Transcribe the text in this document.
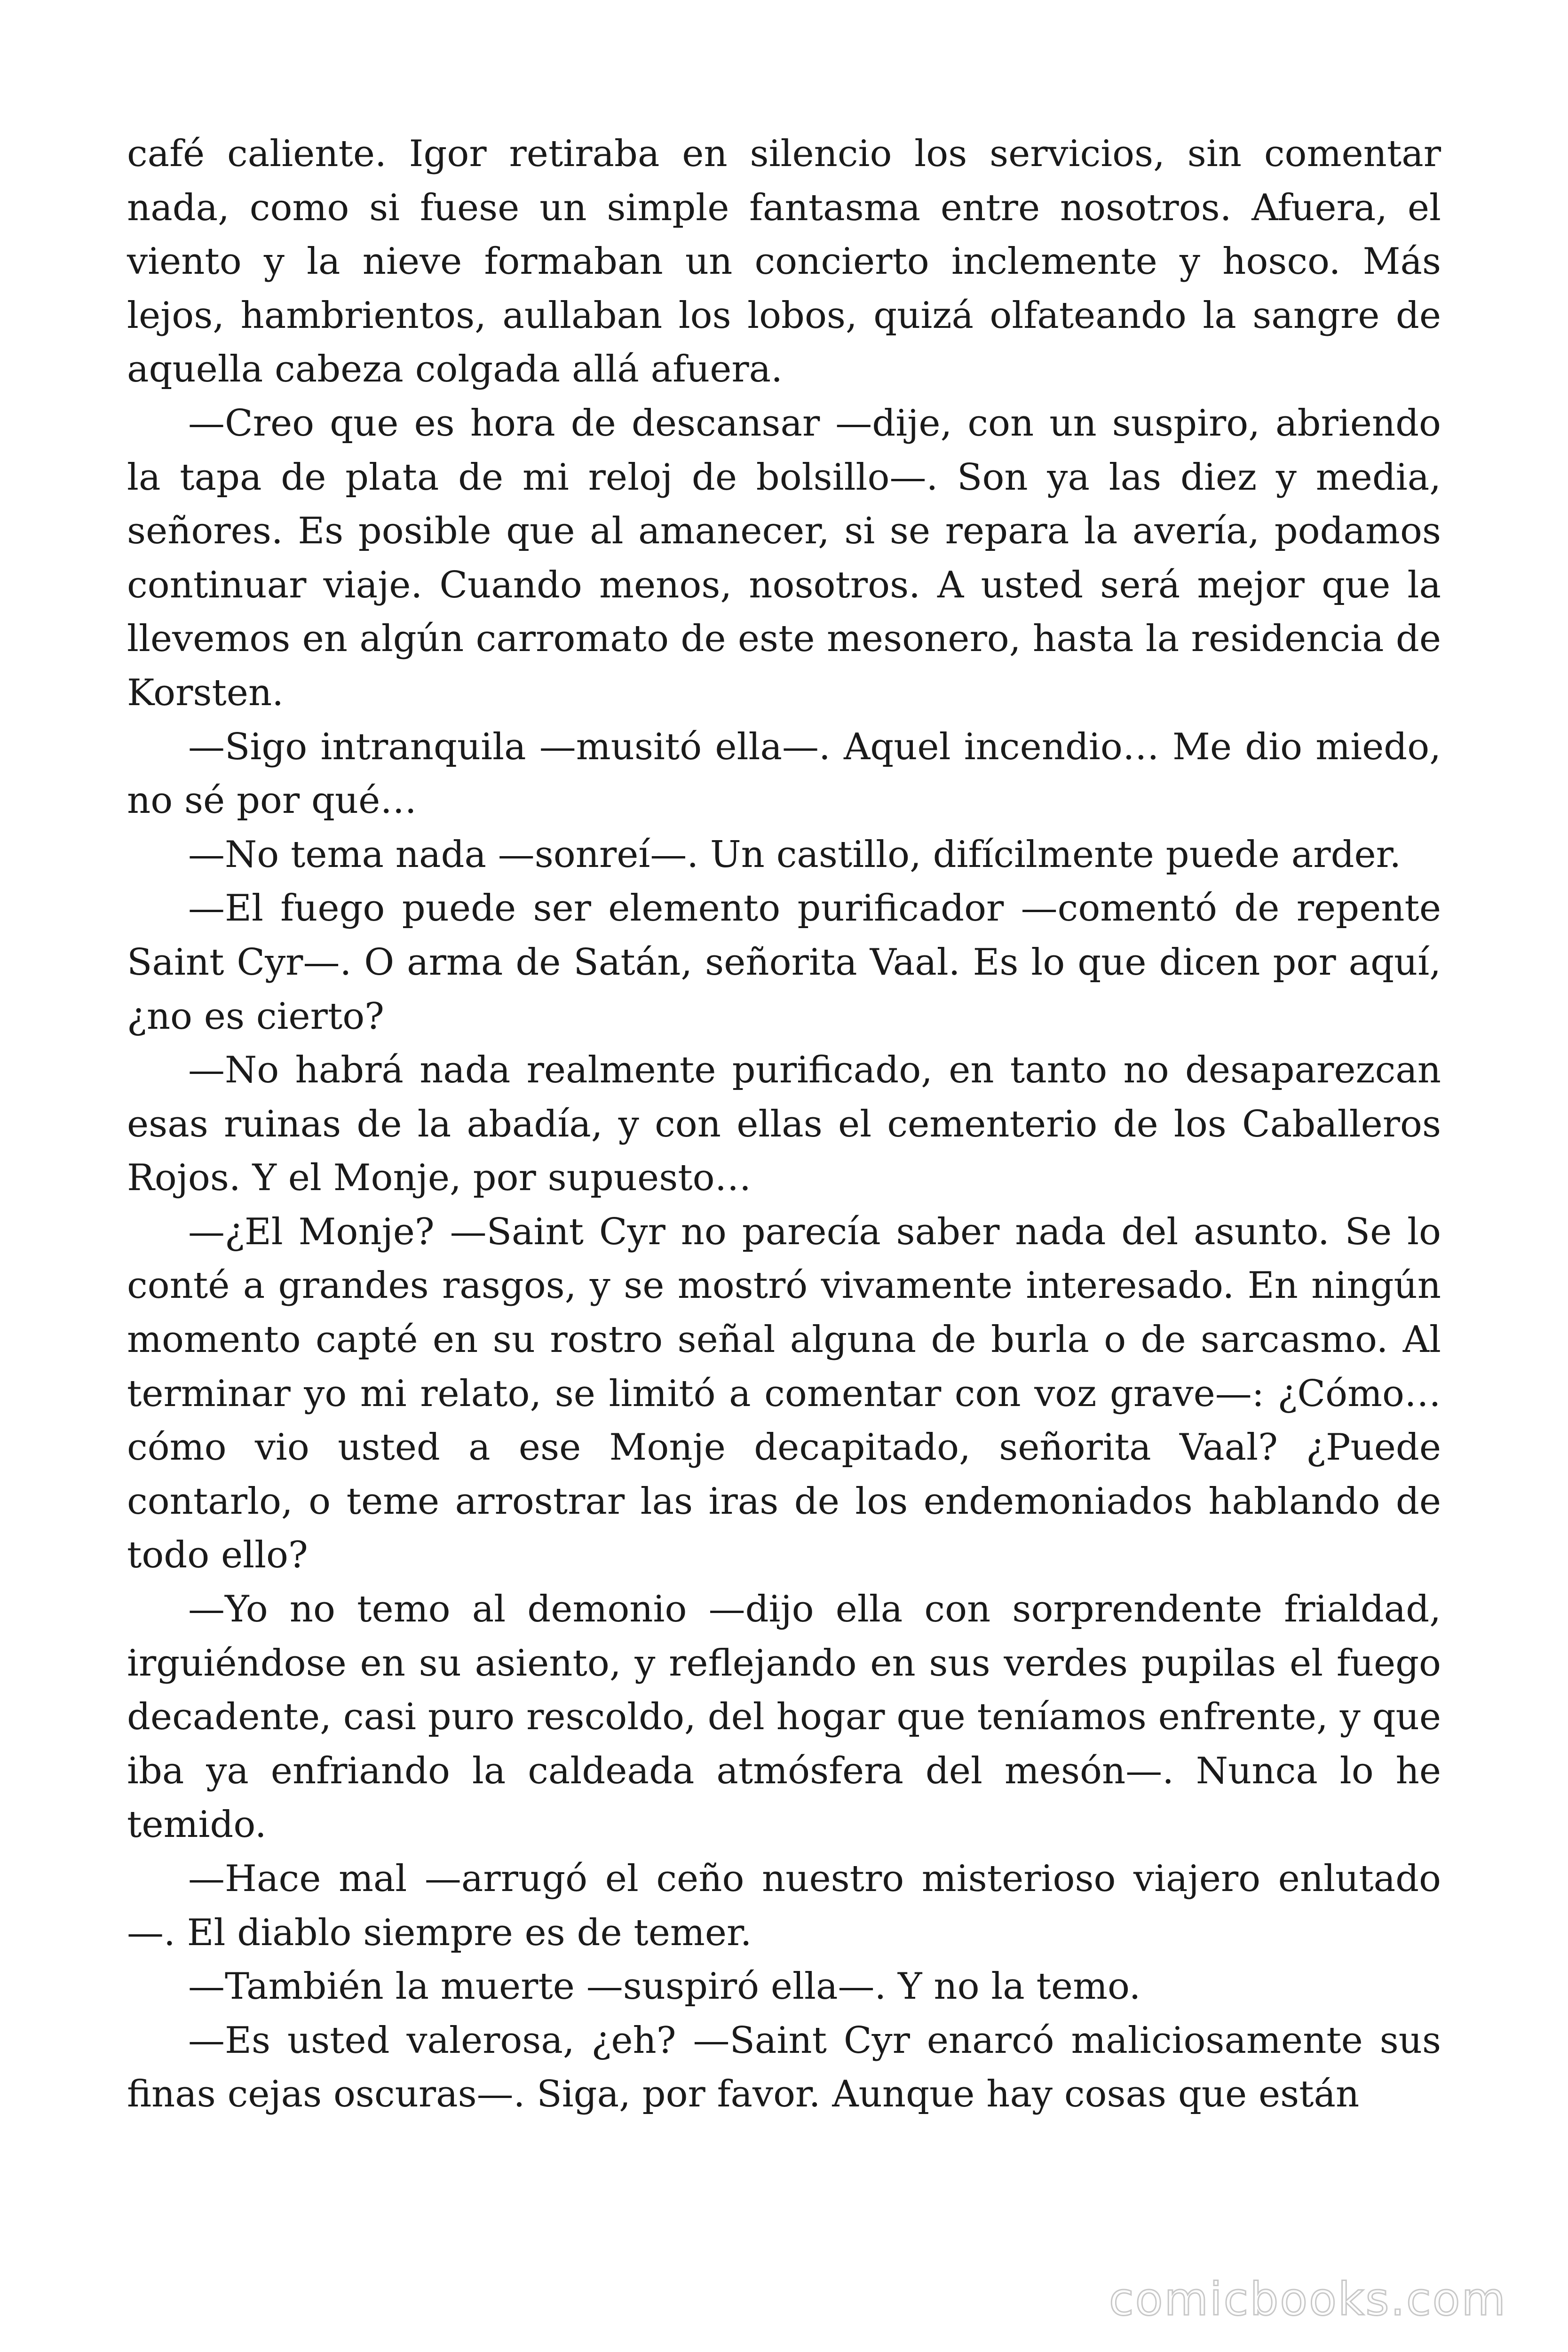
café caliente. Igor retiraba en silencio los servicios, sin comentar nada, como si fuese un simple fantasma entre nosotros. Afuera, el viento y la nieve formaban un concierto inclemente y hosco. Más lejos, hambrientos, aullaban los lobos, quizá olfateando la sangre de aquella cabeza colgada allá afuera.

—Creo que es hora de descansar —dije, con un suspiro, abriendo la tapa de plata de mi reloj de bolsillo—. Son ya las diez y media, señores. Es posible que al amanecer, si se repara la avería, podamos continuar viaje. Cuando menos, nosotros. A usted será mejor que la llevemos en algún carromato de este mesonero, hasta la residencia de Korsten.

—Sigo intranquila —musitó ella—. Aquel incendio… Me dio miedo, no sé por qué…

—No tema nada —sonreí—. Un castillo, difícilmente puede arder.

—El fuego puede ser elemento purificador —comentó de repente Saint Cyr—. O arma de Satán, señorita Vaal. Es lo que dicen por aquí, ¿no es cierto?

—No habrá nada realmente purificado, en tanto no desaparezcan esas ruinas de la abadía, y con ellas el cementerio de los Caballeros Rojos. Y el Monje, por supuesto…

—¿El Monje? —Saint Cyr no parecía saber nada del asunto. Se lo conté a grandes rasgos, y se mostró vivamente interesado. En ningún momento capté en su rostro señal alguna de burla o de sarcasmo. Al terminar yo mi relato, se limitó a comentar con voz grave—: ¿Cómo… cómo vio usted a ese Monje decapitado, señorita Vaal? ¿Puede contarlo, o teme arrostrar las iras de los endemoniados hablando de todo ello?

—Yo no temo al demonio —dijo ella con sorprendente frialdad, irguiéndose en su asiento, y reflejando en sus verdes pupilas el fuego decadente, casi puro rescoldo, del hogar que teníamos enfrente, y que iba ya enfriando la caldeada atmósfera del mesón—. Nunca lo he temido.

—Hace mal —arrugó el ceño nuestro misterioso viajero enlutado —. El diablo siempre es de temer.

—También la muerte —suspiró ella—. Y no la temo.

—Es usted valerosa, ¿eh? —Saint Cyr enarcó maliciosamente sus finas cejas oscuras—. Siga, por favor. Aunque hay cosas que están

comicbooks.com
